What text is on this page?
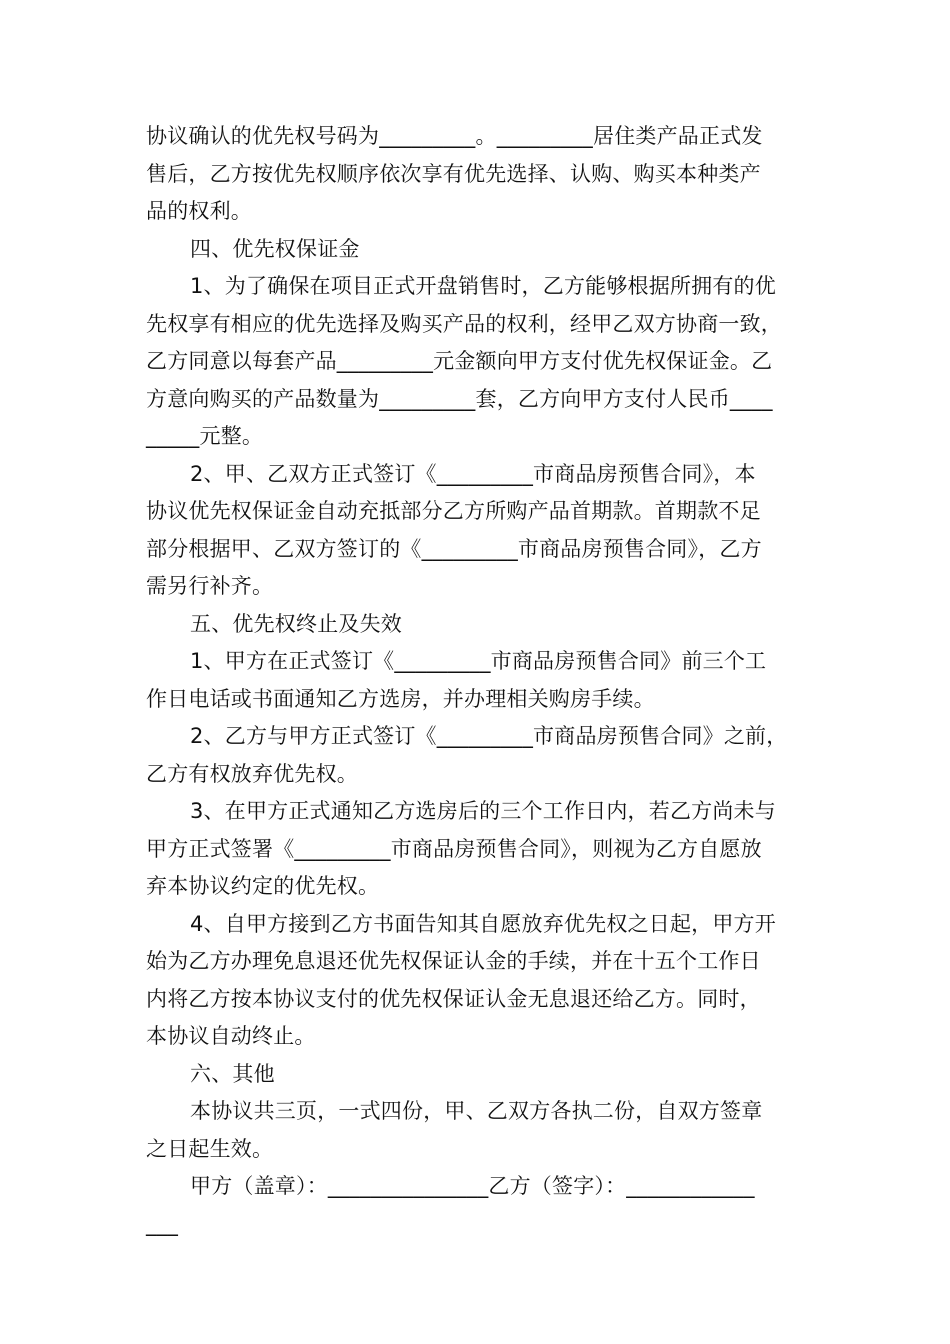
协议确认的优先权号码为_________。_________居住类产品正式发
售后，乙方按优先权顺序依次享有优先选择、认购、购买本种类产
品的权利。
四、优先权保证金
1、为了确保在项目正式开盘销售时，乙方能够根据所拥有的优
先权享有相应的优先选择及购买产品的权利，经甲乙双方协商一致，
乙方同意以每套产品_________元金额向甲方支付优先权保证金。乙
方意向购买的产品数量为_________套，乙方向甲方支付人民币____
_____元整。
2、甲、乙双方正式签订《_________市商品房预售合同》，本
协议优先权保证金自动充抵部分乙方所购产品首期款。首期款不足
部分根据甲、乙双方签订的《_________市商品房预售合同》，乙方
需另行补齐。
五、优先权终止及失效
1、甲方在正式签订《_________市商品房预售合同》前三个工
作日电话或书面通知乙方选房，并办理相关购房手续。
2、乙方与甲方正式签订《_________市商品房预售合同》之前，
乙方有权放弃优先权。
3、在甲方正式通知乙方选房后的三个工作日内，若乙方尚未与
甲方正式签署《_________市商品房预售合同》，则视为乙方自愿放
弃本协议约定的优先权。
4、自甲方接到乙方书面告知其自愿放弃优先权之日起，甲方开
始为乙方办理免息退还优先权保证认金的手续，并在十五个工作日
内将乙方按本协议支付的优先权保证认金无息退还给乙方。同时，
本协议自动终止。
六、其他
本协议共三页，一式四份，甲、乙双方各执二份，自双方签章
之日起生效。
甲方（盖章）：_______________乙方（签字）：____________
___
